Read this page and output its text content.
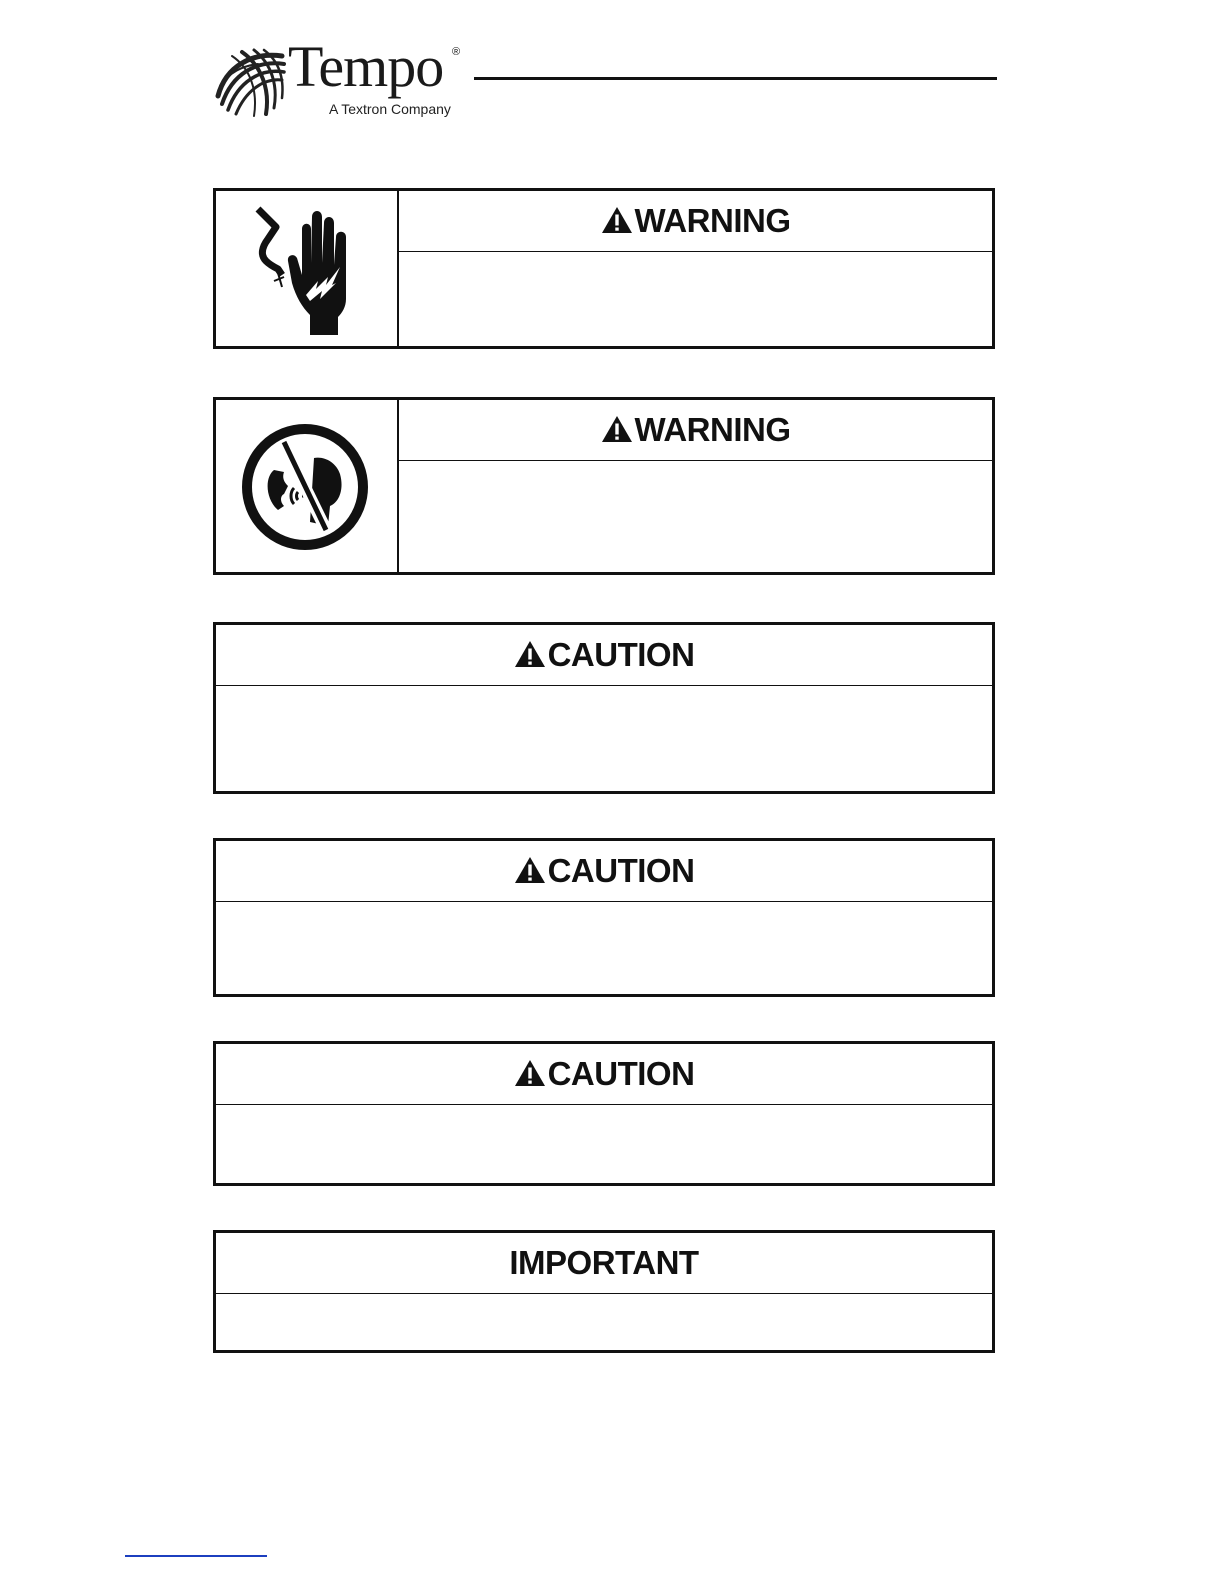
Tempo ®
A Textron Company
WARNING
WARNING
CAUTION
CAUTION
CAUTION
IMPORTANT
